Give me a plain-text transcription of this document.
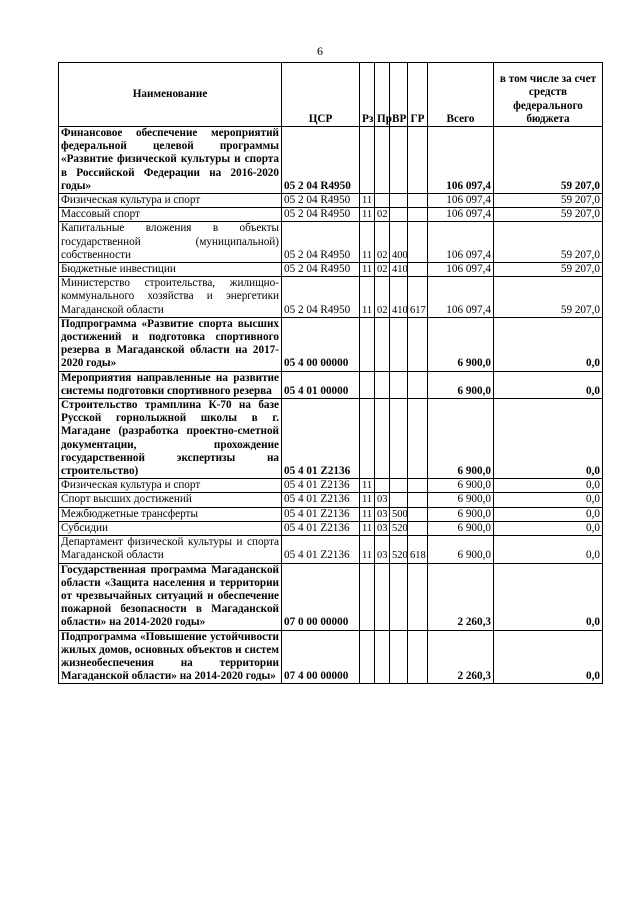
6
Наименование	ЦСР	Рз	Пр	ВР	ГР	Всего	в том числе за счет средств федерального бюджета
Финансовое обеспечение мероприятий федеральной целевой программы «Развитие физической культуры и спорта в Российской Федерации на 2016-2020 годы»	05 2 04 R4950					106 097,4	59 207,0
Физическая культура и спорт	05 2 04 R4950	11				106 097,4	59 207,0
Массовый спорт	05 2 04 R4950	11	02			106 097,4	59 207,0
Капитальные вложения в объекты государственной (муниципальной) собственности	05 2 04 R4950	11	02	400		106 097,4	59 207,0
Бюджетные инвестиции	05 2 04 R4950	11	02	410		106 097,4	59 207,0
Министерство строительства, жилищно-коммунального хозяйства и энергетики Магаданской области	05 2 04 R4950	11	02	410	617	106 097,4	59 207,0
Подпрограмма «Развитие спорта высших достижений и подготовка спортивного резерва в Магаданской области на 2017-2020 годы»	05 4 00 00000					6 900,0	0,0
Мероприятия направленные на развитие системы подготовки спортивного резерва	05 4 01 00000					6 900,0	0,0
Строительство трамплина К-70 на базе Русской горнолыжной школы в г. Магадане (разработка проектно-сметной документации, прохождение государственной экспертизы на строительство)	05 4 01 Z2136					6 900,0	0,0
Физическая культура и спорт	05 4 01 Z2136	11				6 900,0	0,0
Спорт высших достижений	05 4 01 Z2136	11	03			6 900,0	0,0
Межбюджетные трансферты	05 4 01 Z2136	11	03	500		6 900,0	0,0
Субсидии	05 4 01 Z2136	11	03	520		6 900,0	0,0
Департамент физической культуры и спорта Магаданской области	05 4 01 Z2136	11	03	520	618	6 900,0	0,0
Государственная программа Магаданской области «Защита населения и территории от чрезвычайных ситуаций и обеспечение пожарной безопасности в Магаданской области» на 2014-2020 годы»	07 0 00 00000					2 260,3	0,0
Подпрограмма «Повышение устойчивости жилых домов, основных объектов и систем жизнеобеспечения на территории Магаданской области» на 2014-2020 годы»	07 4 00 00000					2 260,3	0,0
